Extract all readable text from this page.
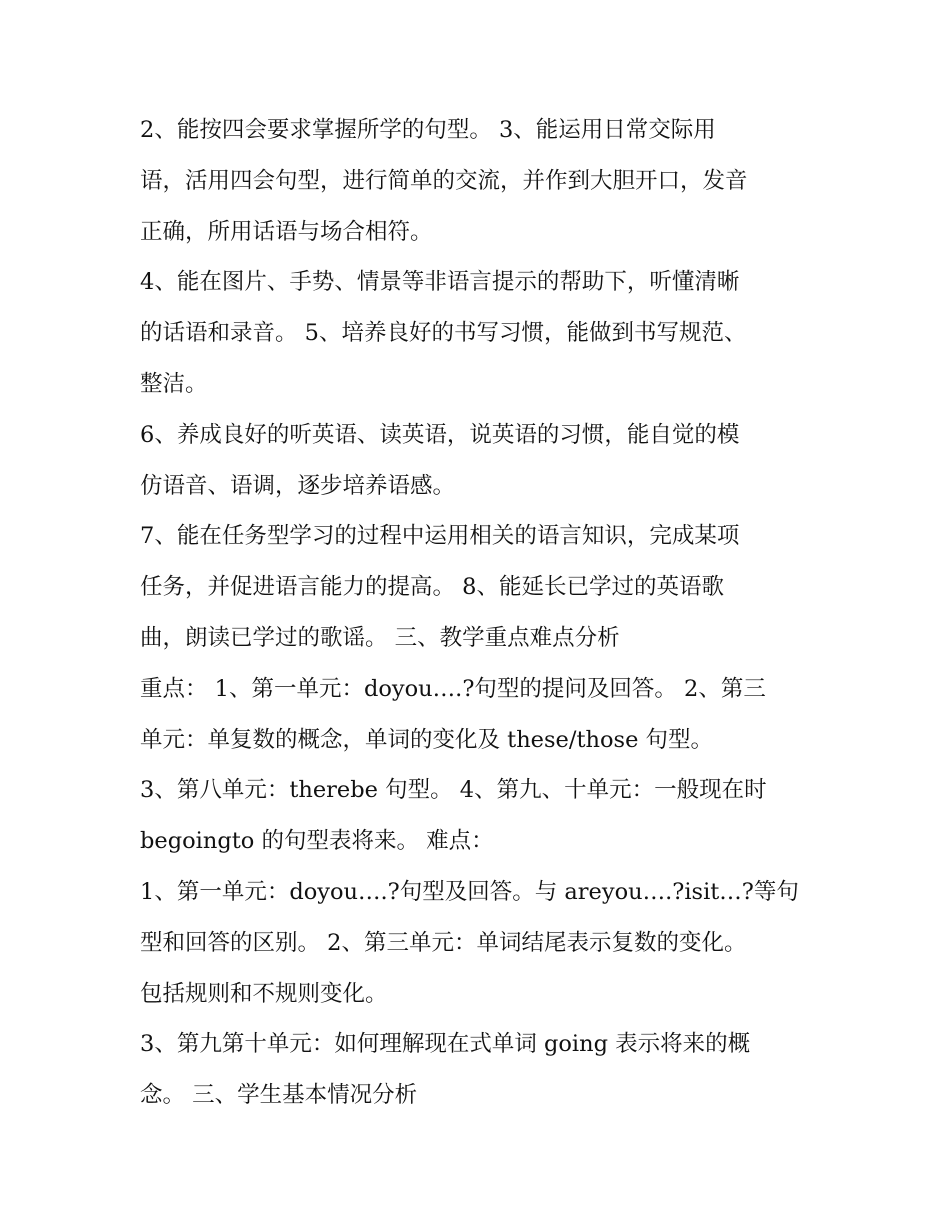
2、能按四会要求掌握所学的句型。 3、能运用日常交际用
语，活用四会句型，进行简单的交流，并作到大胆开口，发音
正确，所用话语与场合相符。
4、能在图片、手势、情景等非语言提示的帮助下，听懂清晰
的话语和录音。 5、培养良好的书写习惯，能做到书写规范、
整洁。
6、养成良好的听英语、读英语，说英语的习惯，能自觉的模
仿语音、语调，逐步培养语感。
7、能在任务型学习的过程中运用相关的语言知识，完成某项
任务，并促进语言能力的提高。 8、能延长已学过的英语歌
曲，朗读已学过的歌谣。 三、教学重点难点分析
重点： 1、第一单元：doyou….?句型的提问及回答。 2、第三
单元：单复数的概念，单词的变化及 these/those 句型。
3、第八单元：therebe 句型。 4、第九、十单元：一般现在时
begoingto 的句型表将来。 难点：
1、第一单元：doyou….?句型及回答。与 areyou….?isit…?等句
型和回答的区别。 2、第三单元：单词结尾表示复数的变化。
包括规则和不规则变化。
3、第九第十单元：如何理解现在式单词 going 表示将来的概
念。 三、学生基本情况分析
